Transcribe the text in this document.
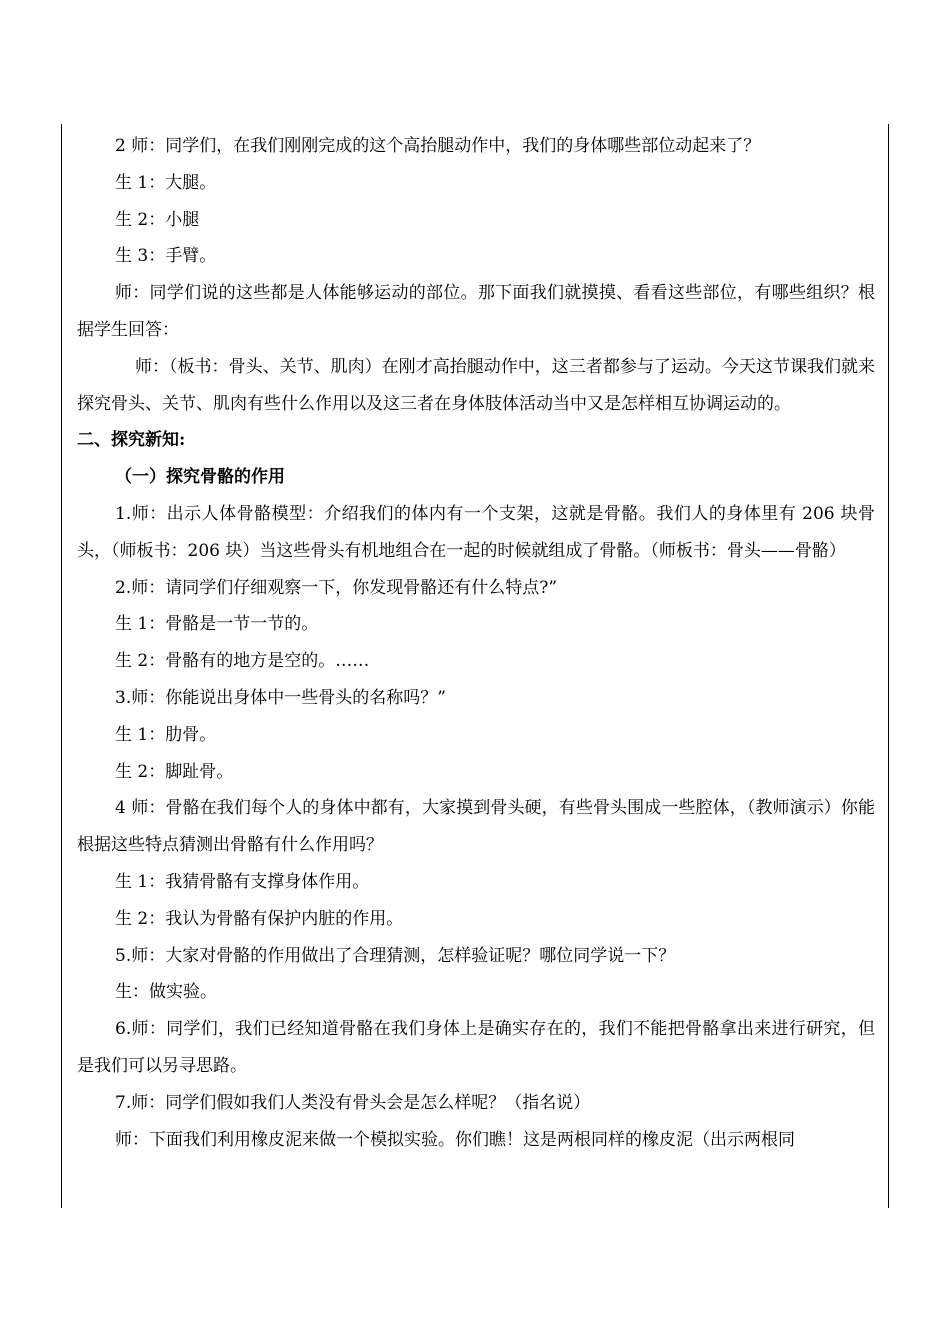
2 师：同学们，在我们刚刚完成的这个高抬腿动作中，我们的身体哪些部位动起来了？

生 1：大腿。

生 2：小腿

生 3：手臂。

师：同学们说的这些都是人体能够运动的部位。那下面我们就摸摸、看看这些部位，有哪些组织？根据学生回答：

师：（板书：骨头、关节、肌肉）在刚才高抬腿动作中，这三者都参与了运动。今天这节课我们就来探究骨头、关节、肌肉有些什么作用以及这三者在身体肢体活动当中又是怎样相互协调运动的。

二、探究新知:

（一）探究骨骼的作用

1.师：出示人体骨骼模型：介绍我们的体内有一个支架，这就是骨骼。我们人的身体里有 206 块骨头，（师板书：206 块）当这些骨头有机地组合在一起的时候就组成了骨骼。（师板书：骨头——骨骼）

2.师：请同学们仔细观察一下，你发现骨骼还有什么特点?”

生 1：骨骼是一节一节的。

生 2：骨骼有的地方是空的。……

3.师：你能说出身体中一些骨头的名称吗？”

生 1：肋骨。

生 2：脚趾骨。

4 师：骨骼在我们每个人的身体中都有，大家摸到骨头硬，有些骨头围成一些腔体，（教师演示）你能根据这些特点猜测出骨骼有什么作用吗？

生 1：我猜骨骼有支撑身体作用。

生 2：我认为骨骼有保护内脏的作用。

5.师：大家对骨骼的作用做出了合理猜测，怎样验证呢？哪位同学说一下？

生：做实验。

6.师：同学们，我们已经知道骨骼在我们身体上是确实存在的，我们不能把骨骼拿出来进行研究，但是我们可以另寻思路。

7.师：同学们假如我们人类没有骨头会是怎么样呢？（指名说）

师：下面我们利用橡皮泥来做一个模拟实验。你们瞧！这是两根同样的橡皮泥（出示两根同
